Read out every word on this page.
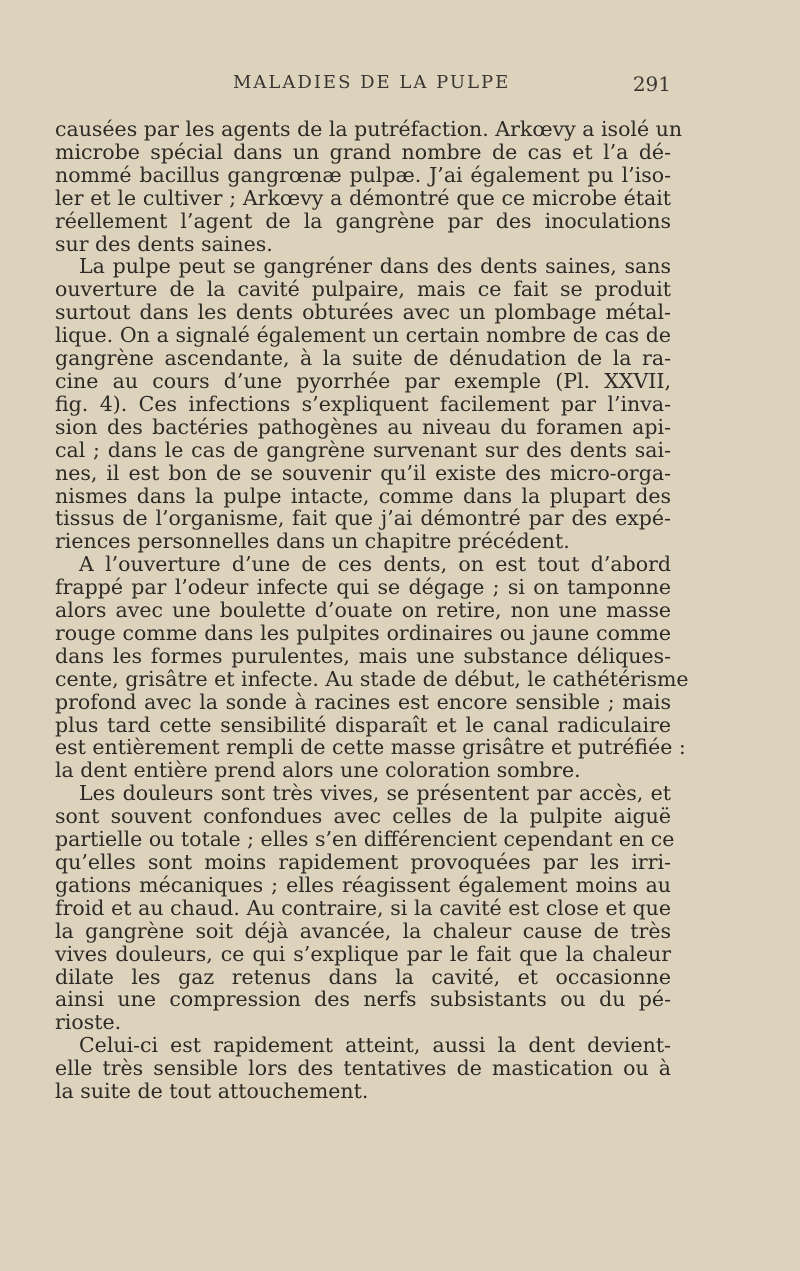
MALADIES DE LA PULPE	291
causées par les agents de la putréfaction. Arkœvy a isolé un
microbe spécial dans un grand nombre de cas et l’a dé-
nommé bacillus gangrœnæ pulpæ. J’ai également pu l’iso-
ler et le cultiver ; Arkœvy a démontré que ce microbe était
réellement l’agent de la gangrène par des inoculations
sur des dents saines.
La pulpe peut se gangréner dans des dents saines, sans
ouverture de la cavité pulpaire, mais ce fait se produit
surtout dans les dents obturées avec un plombage métal-
lique. On a signalé également un certain nombre de cas de
gangrène ascendante, à la suite de dénudation de la ra-
cine au cours d’une pyorrhée par exemple (Pl. XXVII,
fig. 4). Ces infections s’expliquent facilement par l’inva-
sion des bactéries pathogènes au niveau du foramen api-
cal ; dans le cas de gangrène survenant sur des dents sai-
nes, il est bon de se souvenir qu’il existe des micro-orga-
nismes dans la pulpe intacte, comme dans la plupart des
tissus de l’organisme, fait que j’ai démontré par des expé-
riences personnelles dans un chapitre précédent.
A l’ouverture d’une de ces dents, on est tout d’abord
frappé par l’odeur infecte qui se dégage ; si on tamponne
alors avec une boulette d’ouate on retire, non une masse
rouge comme dans les pulpites ordinaires ou jaune comme
dans les formes purulentes, mais une substance déliques-
cente, grisâtre et infecte. Au stade de début, le cathétérisme
profond avec la sonde à racines est encore sensible ; mais
plus tard cette sensibilité disparaît et le canal radiculaire
est entièrement rempli de cette masse grisâtre et putréfiée :
la dent entière prend alors une coloration sombre.
Les douleurs sont très vives, se présentent par accès, et
sont souvent confondues avec celles de la pulpite aiguë
partielle ou totale ; elles s’en différencient cependant en ce
qu’elles sont moins rapidement provoquées par les irri-
gations mécaniques ; elles réagissent également moins au
froid et au chaud. Au contraire, si la cavité est close et que
la gangrène soit déjà avancée, la chaleur cause de très
vives douleurs, ce qui s’explique par le fait que la chaleur
dilate les gaz retenus dans la cavité, et occasionne
ainsi une compression des nerfs subsistants ou du pé-
rioste.
Celui-ci est rapidement atteint, aussi la dent devient-
elle très sensible lors des tentatives de mastication ou à
la suite de tout attouchement.
